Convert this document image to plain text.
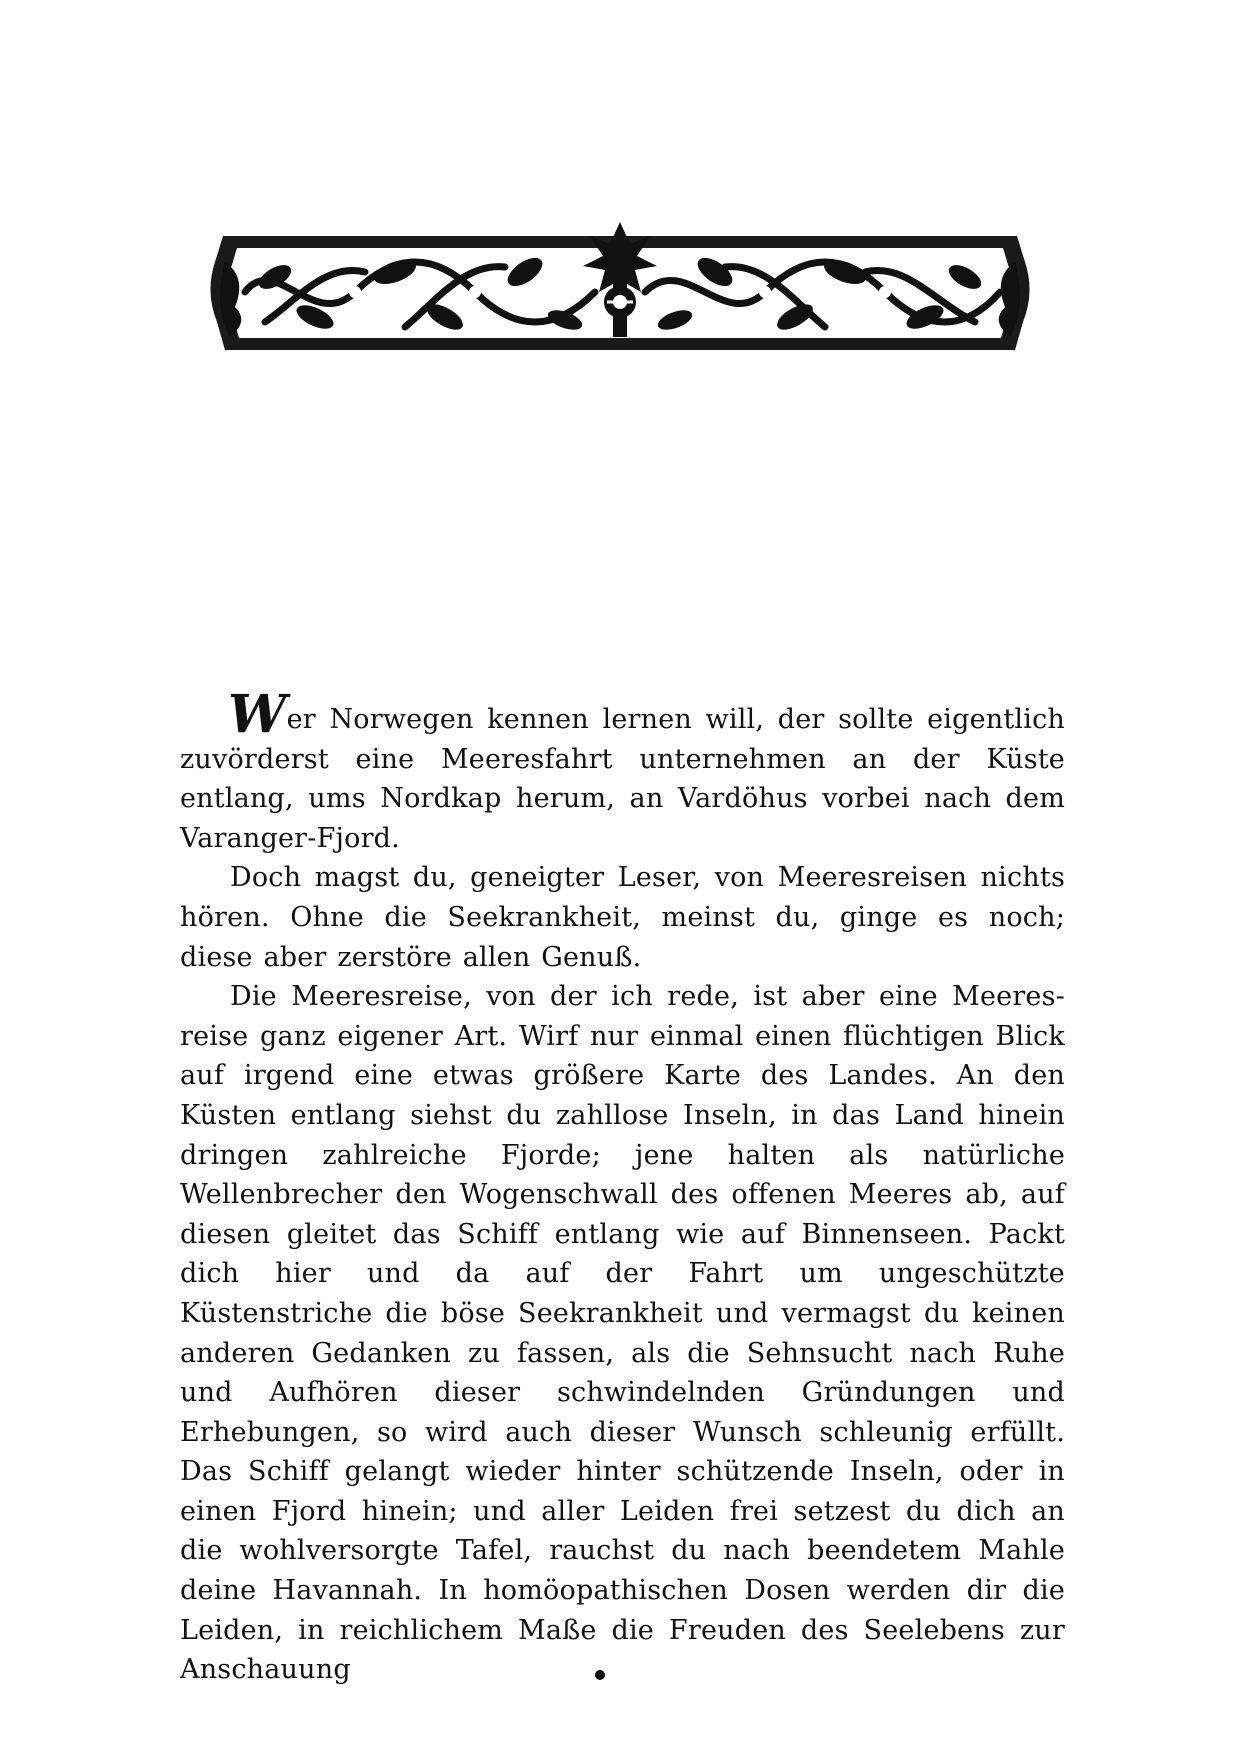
Wer Norwegen kennen lernen will, der sollte eigentlich zuvörderst eine Meeresfahrt unternehmen an der Küste entlang, ums Nordkap herum, an Vardöhus vorbei nach dem Varanger-Fjord.

Doch magst du, geneigter Leser, von Meeresreisen nichts hören. Ohne die Seekrankheit, meinst du, ginge es noch; diese aber zerstöre allen Genuß.

Die Meeresreise, von der ich rede, ist aber eine Meeres-reise ganz eigener Art. Wirf nur einmal einen flüchtigen Blick auf irgend eine etwas größere Karte des Landes. An den Küsten entlang siehst du zahllose Inseln, in das Land hinein dringen zahlreiche Fjorde; jene halten als natürliche Wellenbrecher den Wogenschwall des offenen Meeres ab, auf diesen gleitet das Schiff entlang wie auf Binnenseen. Packt dich hier und da auf der Fahrt um ungeschützte Küstenstriche die böse Seekrankheit und vermagst du keinen anderen Gedanken zu fassen, als die Sehnsucht nach Ruhe und Aufhören dieser schwindelnden Gründungen und Erhebungen, so wird auch dieser Wunsch schleunig erfüllt. Das Schiff gelangt wieder hinter schützende Inseln, oder in einen Fjord hinein; und aller Leiden frei setzest du dich an die wohlversorgte Tafel, rauchst du nach beendetem Mahle deine Havannah. In homöopathischen Dosen werden dir die Leiden, in reichlichem Maße die Freuden des Seelebens zur Anschauung
